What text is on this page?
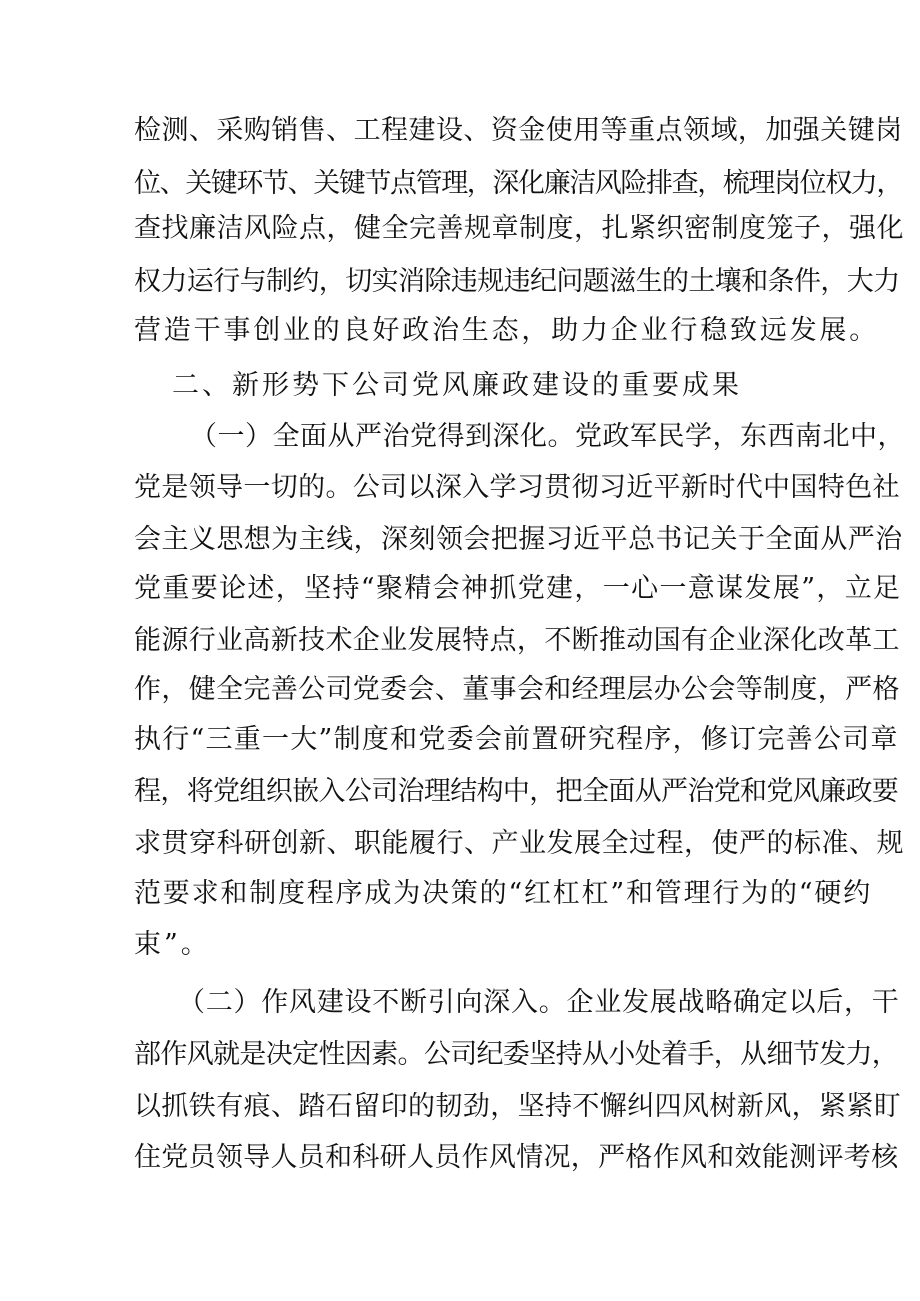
检测、采购销售、工程建设、资金使用等重点领域，加强关键岗
位、关键环节、关键节点管理，深化廉洁风险排查，梳理岗位权力，
查找廉洁风险点，健全完善规章制度，扎紧织密制度笼子，强化
权力运行与制约，切实消除违规违纪问题滋生的土壤和条件，大力
营造干事创业的良好政治生态，助力企业行稳致远发展。
二、新形势下公司党风廉政建设的重要成果
（一）全面从严治党得到深化。党政军民学，东西南北中，
党是领导一切的。公司以深入学习贯彻习近平新时代中国特色社
会主义思想为主线，深刻领会把握习近平总书记关于全面从严治
党重要论述，坚持“聚精会神抓党建，一心一意谋发展”，立足
能源行业高新技术企业发展特点，不断推动国有企业深化改革工
作，健全完善公司党委会、董事会和经理层办公会等制度，严格
执行“三重一大”制度和党委会前置研究程序，修订完善公司章
程，将党组织嵌入公司治理结构中，把全面从严治党和党风廉政要
求贯穿科研创新、职能履行、产业发展全过程，使严的标准、规
范要求和制度程序成为决策的“红杠杠”和管理行为的“硬约
束”。
（二）作风建设不断引向深入。企业发展战略确定以后，干
部作风就是决定性因素。公司纪委坚持从小处着手，从细节发力，
以抓铁有痕、踏石留印的韧劲，坚持不懈纠四风树新风，紧紧盯
住党员领导人员和科研人员作风情况，严格作风和效能测评考核
